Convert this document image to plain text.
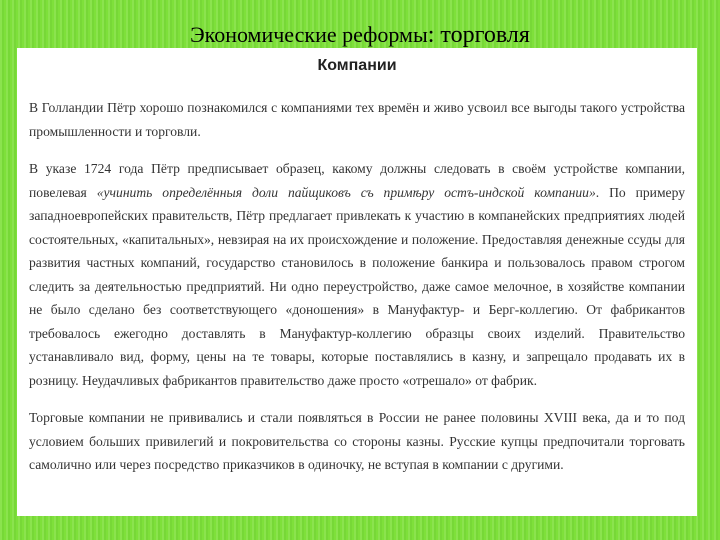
Экономические реформы: торговля
Компании

В Голландии Пётр хорошо познакомился с компаниями тех времён и живо усвоил все выгоды такого устройства промышленности и торговли.

В указе 1724 года Пётр предписывает образец, какому должны следовать в своём устройстве компании, повелевая «учинить определённыя доли пайщиковъ съ примѣру остъ-индской компании». По примеру западноевропейских правительств, Пётр предлагает привлекать к участию в компанейских предприятиях людей состоятельных, «капитальных», невзирая на их происхождение и положение. Предоставляя денежные ссуды для развития частных компаний, государство становилось в положение банкира и пользовалось правом строгом следить за деятельностью предприятий. Ни одно переустройство, даже самое мелочное, в хозяйстве компании не было сделано без соответствующего «доношения» в Мануфактур- и Берг-коллегию. От фабрикантов требовалось ежегодно доставлять в Мануфактур-коллегию образцы своих изделий. Правительство устанавливало вид, форму, цены на те товары, которые поставлялись в казну, и запрещало продавать их в розницу. Неудачливых фабрикантов правительство даже просто «отрешало» от фабрик.

Торговые компании не прививались и стали появляться в России не ранее половины XVIII века, да и то под условием больших привилегий и покровительства со стороны казны. Русские купцы предпочитали торговать самолично или через посредство приказчиков в одиночку, не вступая в компании с другими.
